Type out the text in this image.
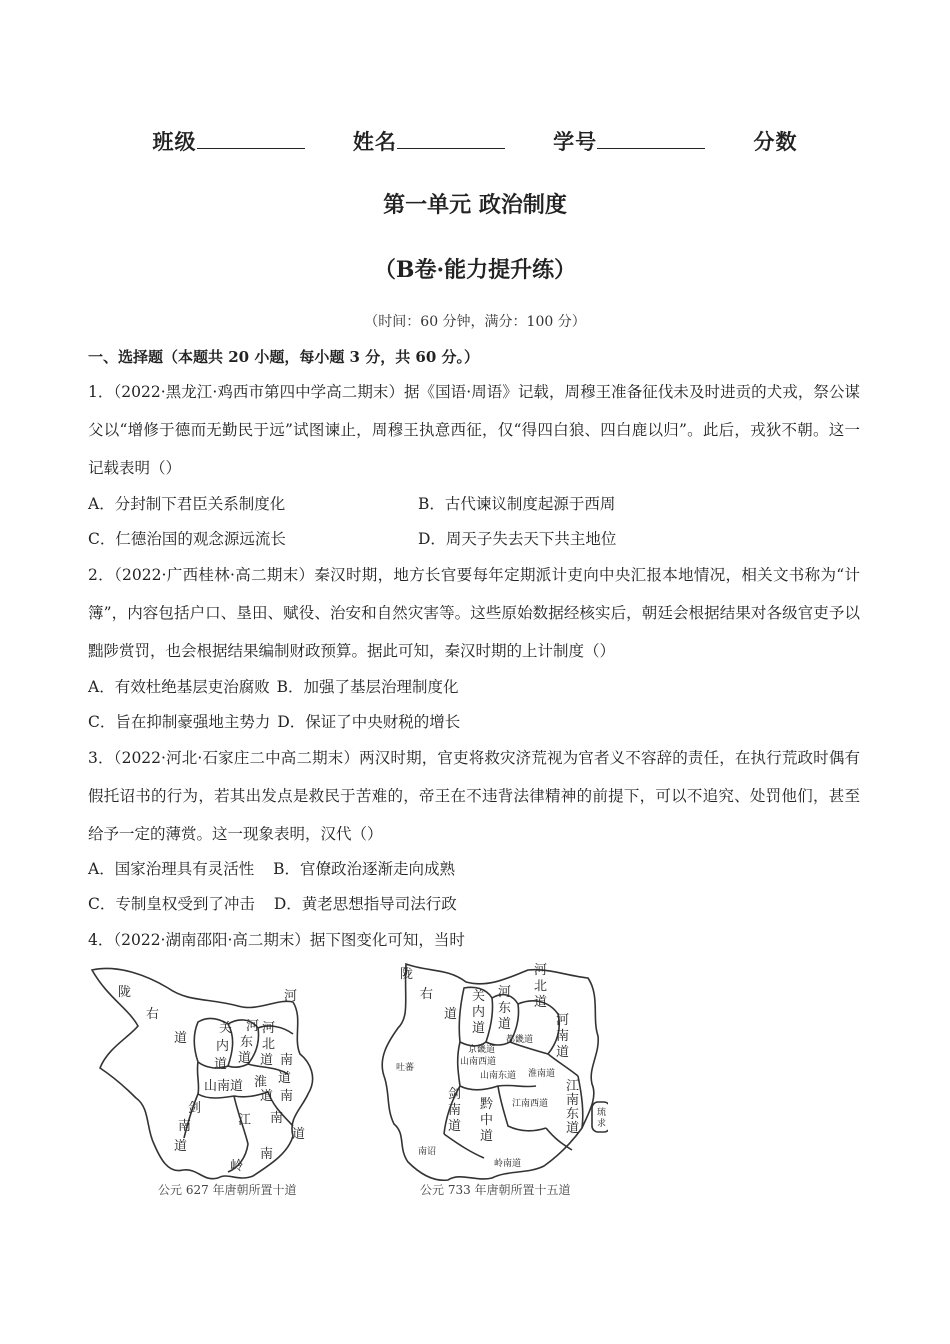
班级	姓名	学号	分数
第一单元 政治制度
（B卷·能力提升练）
（时间：60 分钟，满分：100 分）
一、选择题（本题共 20 小题，每小题 3 分，共 60 分。）
1．（2022·黑龙江·鸡西市第四中学高二期末）据《国语·周语》记载，周穆王准备征伐未及时进贡的犬戎，祭公谋父以“增修于德而无勤民于远”试图谏止，周穆王执意西征，仅“得四白狼、四白鹿以归”。此后，戎狄不朝。这一记载表明（）
A．分封制下君臣关系制度化	B．古代谏议制度起源于西周
C．仁德治国的观念源远流长	D．周天子失去天下共主地位
2．（2022·广西桂林·高二期末）秦汉时期，地方长官要每年定期派计吏向中央汇报本地情况，相关文书称为“计簿”，内容包括户口、垦田、赋役、治安和自然灾害等。这些原始数据经核实后，朝廷会根据结果对各级官吏予以黜陟赏罚，也会根据结果编制财政预算。据此可知，秦汉时期的上计制度（）
A．有效杜绝基层吏治腐败 B．加强了基层治理制度化
C．旨在抑制豪强地主势力 D．保证了中央财税的增长
3．（2022·河北·石家庄二中高二期末）两汉时期，官吏将救灾济荒视为官者义不容辞的责任，在执行荒政时偶有假托诏书的行为，若其出发点是救民于苦难的，帝王在不违背法律精神的前提下，可以不追究、处罚他们，甚至给予一定的薄赏。这一现象表明，汉代（）
A．国家治理具有灵活性 B．官僚政治逐渐走向成熟
C．专制皇权受到了冲击 D．黄老思想指导司法行政
4．（2022·湖南邵阳·高二期末）据下图变化可知，当时
陇
右
道
关
内
道
河
东
道
河
北
道
河
南
道
山南道 淮
南
道
剑
南
道
江 南
道
岭
南
公元 627 年唐朝所置十道
陇
右
道
关
内
道
河
东
道
河
北
道
河
南
道
都畿道
京畿道
山南西道
山南东道 淮南道
吐蕃
剑
南
道
黔
中
道
江南西道
江
南
东
道
琉
求
南诏
岭南道
公元 733 年唐朝所置十五道
